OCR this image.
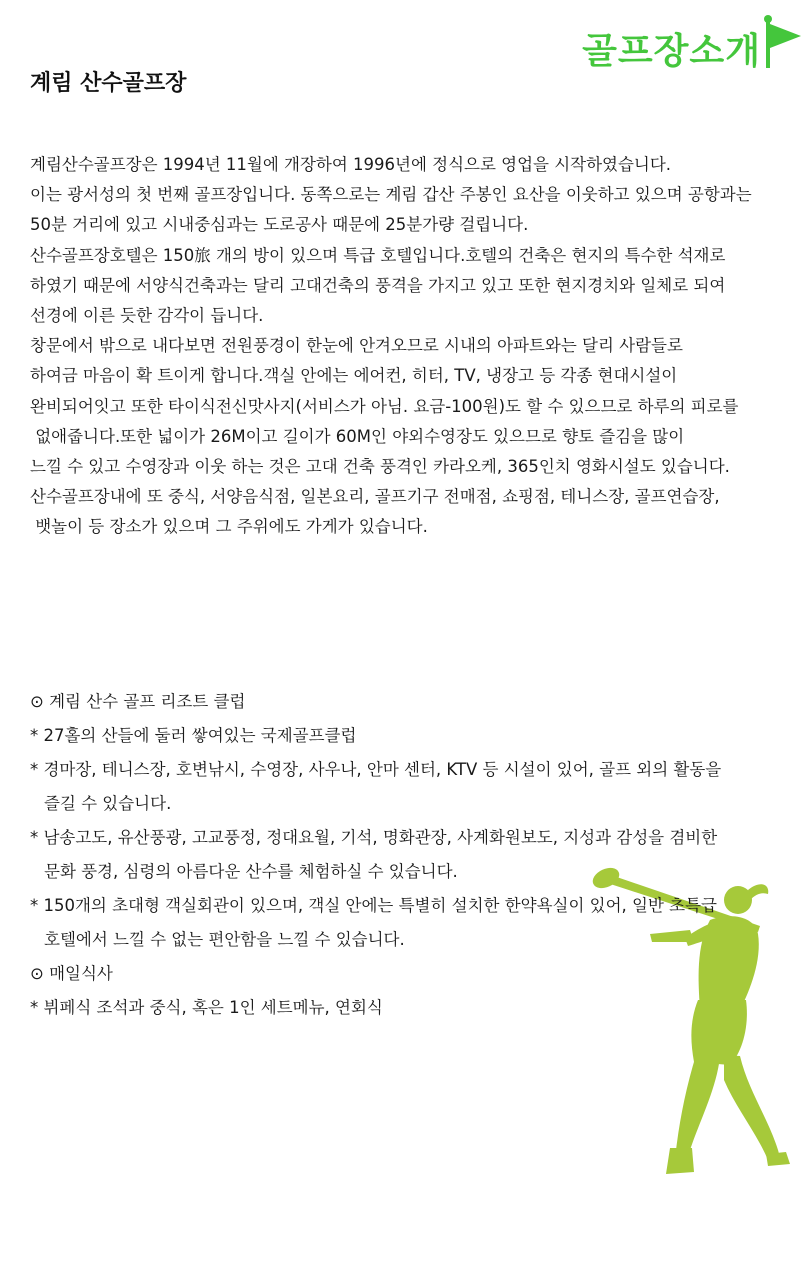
골프장소개
계림 산수골프장

계림산수골프장은 1994년 11월에 개장하여 1996년에 정식으로 영업을 시작하였습니다.

이는 광서성의 첫 번째 골프장입니다. 동쪽으로는 계림 갑산 주봉인 요산을 이웃하고 있으며 공항과는

50분 거리에 있고 시내중심과는 도로공사 때문에 25분가량 걸립니다.

산수골프장호텔은 150旅 개의 방이 있으며 특급 호텔입니다.호텔의 건축은 현지의 특수한 석재로

하였기 때문에 서양식건축과는 달리 고대건축의 풍격을 가지고 있고 또한 현지경치와 일체로 되여

선경에 이른 듯한 감각이 듭니다.

창문에서 밖으로 내다보면 전원풍경이 한눈에 안겨오므로 시내의 아파트와는 달리 사람들로

하여금 마음이 확 트이게 합니다.객실 안에는 에어컨, 히터, TV, 냉장고 등 각종 현대시설이

완비되어잇고 또한 타이식전신맛사지(서비스가 아님. 요금-100원)도 할 수 있으므로 하루의 피로를

없애줍니다.또한 넓이가 26M이고 길이가 60M인 야외수영장도 있으므로 향토 즐김을 많이

느낄 수 있고 수영장과 이웃 하는 것은 고대 건축 풍격인 카라오케, 365인치 영화시설도 있습니다.

산수골프장내에 또 중식, 서양음식점, 일본요리, 골프기구 전매점, 쇼핑점, 테니스장, 골프연습장,

뱃놀이 등 장소가 있으며 그 주위에도 가게가 있습니다.

⊙ 계림 산수 골프 리조트 클럽

* 27홀의 산들에 둘러 쌓여있는 국제골프클럽

* 경마장, 테니스장, 호변낚시, 수영장, 사우나, 안마 센터, KTV 등 시설이 있어, 골프 외의 활동을

즐길 수 있습니다.

* 남송고도, 유산풍광, 고교풍정, 정대요월, 기석, 명화관장, 사계화원보도, 지성과 감성을 겸비한

문화 풍경, 심령의 아름다운 산수를 체험하실 수 있습니다.

* 150개의 초대형 객실회관이 있으며, 객실 안에는 특별히 설치한 한약욕실이 있어, 일반 초특급

호텔에서 느낄 수 없는 편안함을 느낄 수 있습니다.

⊙ 매일식사

* 뷔페식 조석과 중식, 혹은 1인 세트메뉴, 연회식
